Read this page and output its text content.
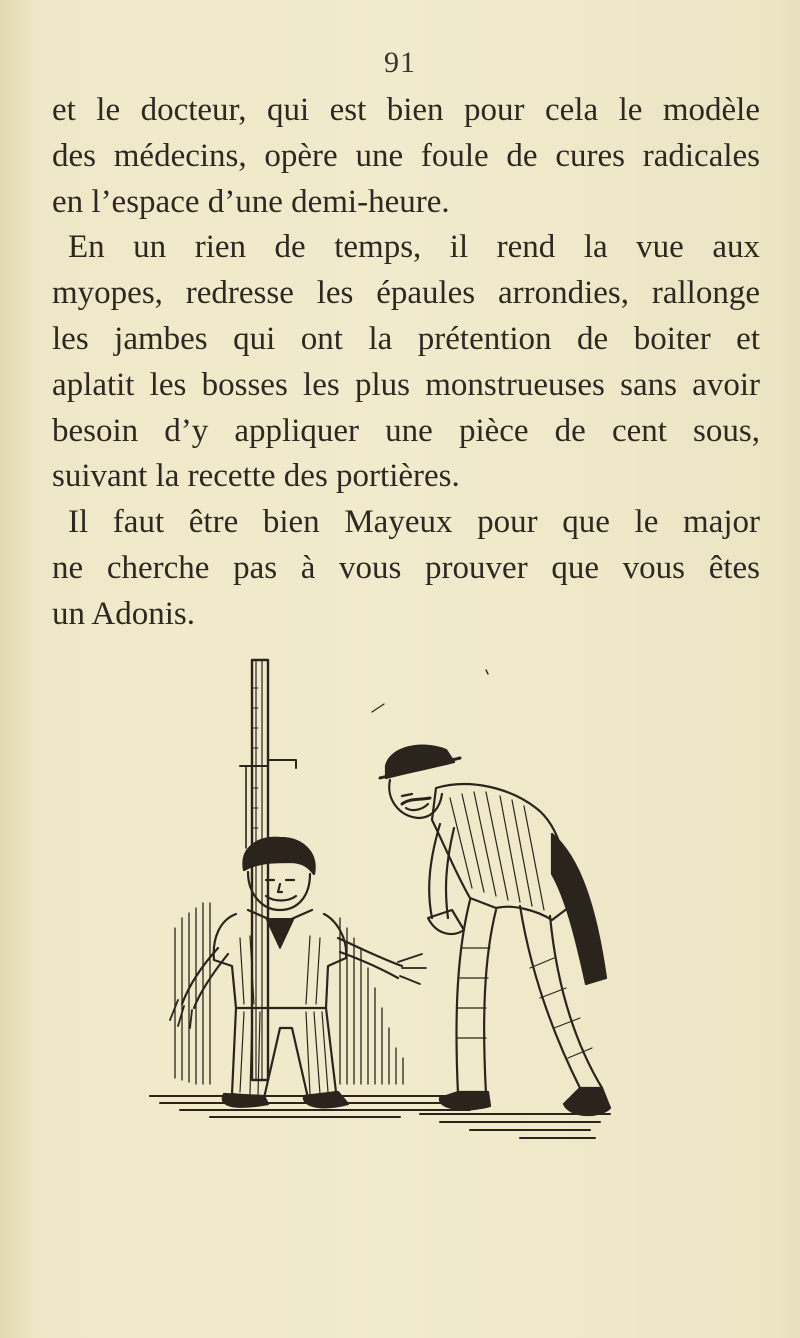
91
et le docteur, qui est bien pour cela le modèle
des médecins, opère une foule de cures radicales
en l’espace d’une demi-heure.
En un rien de temps, il rend la vue aux
myopes, redresse les épaules arrondies, rallonge
les jambes qui ont la prétention de boiter et
aplatit les bosses les plus monstrueuses sans avoir
besoin d’y appliquer une pièce de cent sous,
suivant la recette des portières.
Il faut être bien Mayeux pour que le major
ne cherche pas à vous prouver que vous êtes
un Adonis.
